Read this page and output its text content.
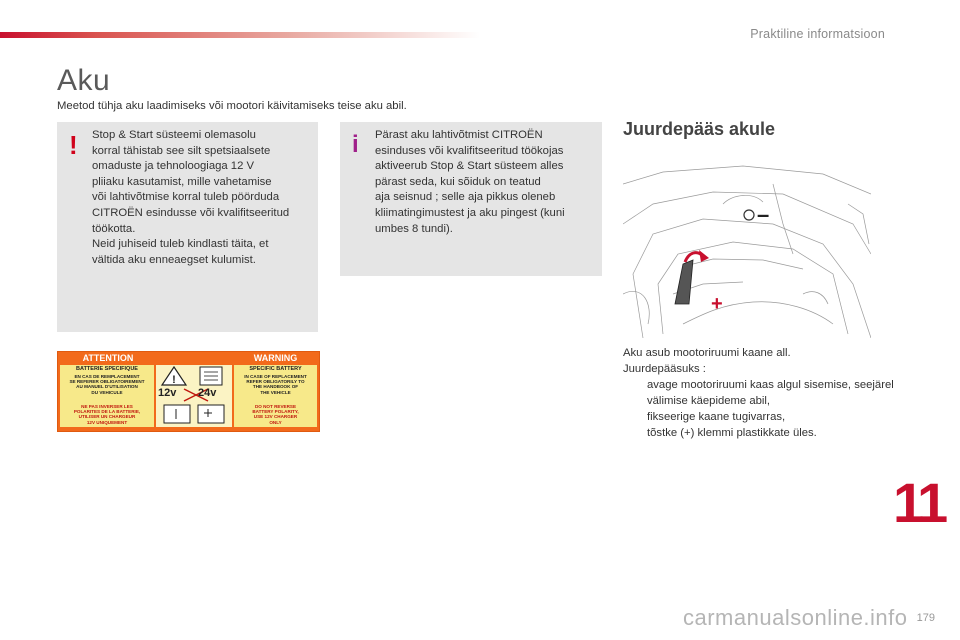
Praktiline informatsioon
Aku
Meetod tühja aku laadimiseks või mootori käivitamiseks teise aku abil.
! Stop & Start süsteemi olemasolu
korral tähistab see silt spetsiaalsete
omaduste ja tehnoloogiaga 12 V
pliiaku kasutamist, mille vahetamise
või lahtivõtmise korral tuleb pöörduda
CITROËN esindusse või kvalifitseeritud
töökotta.
Neid juhiseid tuleb kindlasti täita, et
vältida aku enneaegset kulumist.
i	Pärast aku lahtivõtmist CITROËN
esinduses või kvalifitseeritud töökojas
aktiveerub Stop & Start süsteem alles
pärast seda, kui sõiduk on teatud
aja seisnud ; selle aja pikkus oleneb
kliimatingimustest ja aku pingest (kuni
umbes 8 tundi).
ATTENTION	WARNING
BATTERIE SPECIFIQUE
EN CAS DE REMPLACEMENT
SE REFERER OBLIGATOIREMENT
AU MANUEL D'UTILISATION
DU VEHICULE
NE PAS INVERSER LES
POLARITES DE LA BATTERIE,
UTILISER UN CHARGEUR
12V UNIQUEMENT
!
12v	24v
SPECIFIC BATTERY
IN CASE OF REPLACEMENT
REFER OBLIGATORILY TO
THE HANDBOOK OF
THE VEHICLE
DO NOT REVERSE
BATTERY POLARITY,
USE 12V CHARGER
ONLY
Juurdepääs akule
–
+
Aku asub mootoriruumi kaane all.
Juurdepääsuks :
avage mootoriruumi kaas algul sisemise, seejärel välimise käepideme abil,
fikseerige kaane tugivarras,
tõstke (+) klemmi plastikkate üles.
11
carmanualsonline.info 179
